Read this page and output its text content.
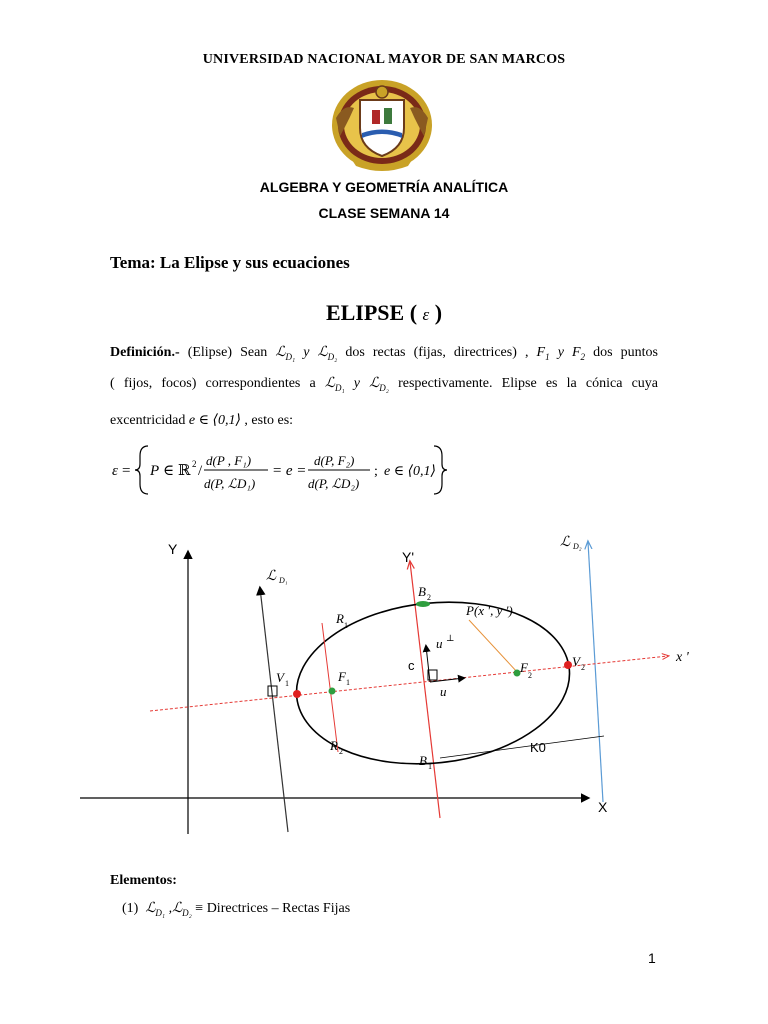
UNIVERSIDAD NACIONAL MAYOR DE SAN MARCOS
ALGEBRA Y GEOMETRÍA ANALÍTICA
CLASE SEMANA 14
Tema: La Elipse y sus ecuaciones
ELIPSE ( ε )
Definición.- (Elipse) Sean ℒ$_{D_1}$ y ℒ$_{D_2}$ dos rectas (fijas, directrices) , $F_1$ y $F_2$ dos puntos
( fijos, focos) correspondientes a ℒ$_{D_1}$ y ℒ$_{D_2}$ respectivamente. Elipse es la cónica cuya
excentricidad e ∈ ⟨0,1⟩ , esto es:
ε = P ∈ ℝ 2 /
d(P , F₁)
d(P, ℒD₁)
= e =
d(P, F₂)
d(P, ℒD₂)
; e ∈ ⟨0,1⟩
Y
X
ℒ D₁
ℒ D₂
x '
Y'
K0
u
u ⊥
c
V 1
V 2
F 1
F
2
B 2
B 1
R 1
R 2
P(x ', y ')
Elementos:
(1) ℒ$_{D_1}$ ,ℒ$_{D_2}$ ≡ Directrices – Rectas Fijas
1
